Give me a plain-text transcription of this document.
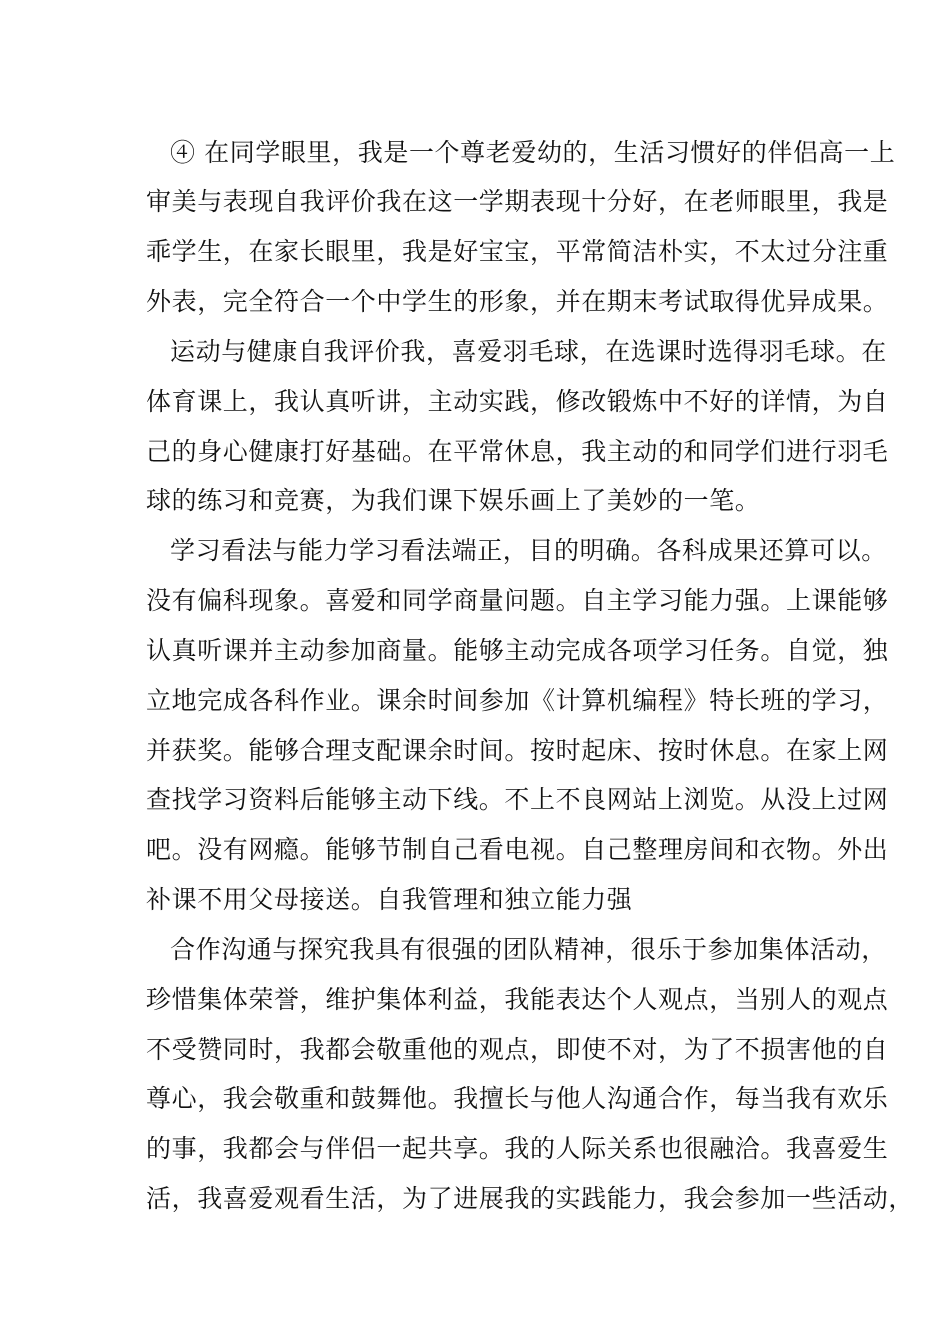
④ 在同学眼里，我是一个尊老爱幼的，生活习惯好的伴侣高一上
审美与表现自我评价我在这一学期表现十分好，在老师眼里，我是
乖学生，在家长眼里，我是好宝宝，平常简洁朴实，不太过分注重
外表，完全符合一个中学生的形象，并在期末考试取得优异成果。
运动与健康自我评价我，喜爱羽毛球，在选课时选得羽毛球。在
体育课上，我认真听讲，主动实践，修改锻炼中不好的详情，为自
己的身心健康打好基础。在平常休息，我主动的和同学们进行羽毛
球的练习和竞赛，为我们课下娱乐画上了美妙的一笔。
学习看法与能力学习看法端正，目的明确。各科成果还算可以。
没有偏科现象。喜爱和同学商量问题。自主学习能力强。上课能够
认真听课并主动参加商量。能够主动完成各项学习任务。自觉，独
立地完成各科作业。课余时间参加《计算机编程》特长班的学习，
并获奖。能够合理支配课余时间。按时起床、按时休息。在家上网
查找学习资料后能够主动下线。不上不良网站上浏览。从没上过网
吧。没有网瘾。能够节制自己看电视。自己整理房间和衣物。外出
补课不用父母接送。自我管理和独立能力强
合作沟通与探究我具有很强的团队精神，很乐于参加集体活动，
珍惜集体荣誉，维护集体利益，我能表达个人观点，当别人的观点
不受赞同时，我都会敬重他的观点，即使不对，为了不损害他的自
尊心，我会敬重和鼓舞他。我擅长与他人沟通合作，每当我有欢乐
的事，我都会与伴侣一起共享。我的人际关系也很融洽。我喜爱生
活，我喜爱观看生活，为了进展我的实践能力，我会参加一些活动，
